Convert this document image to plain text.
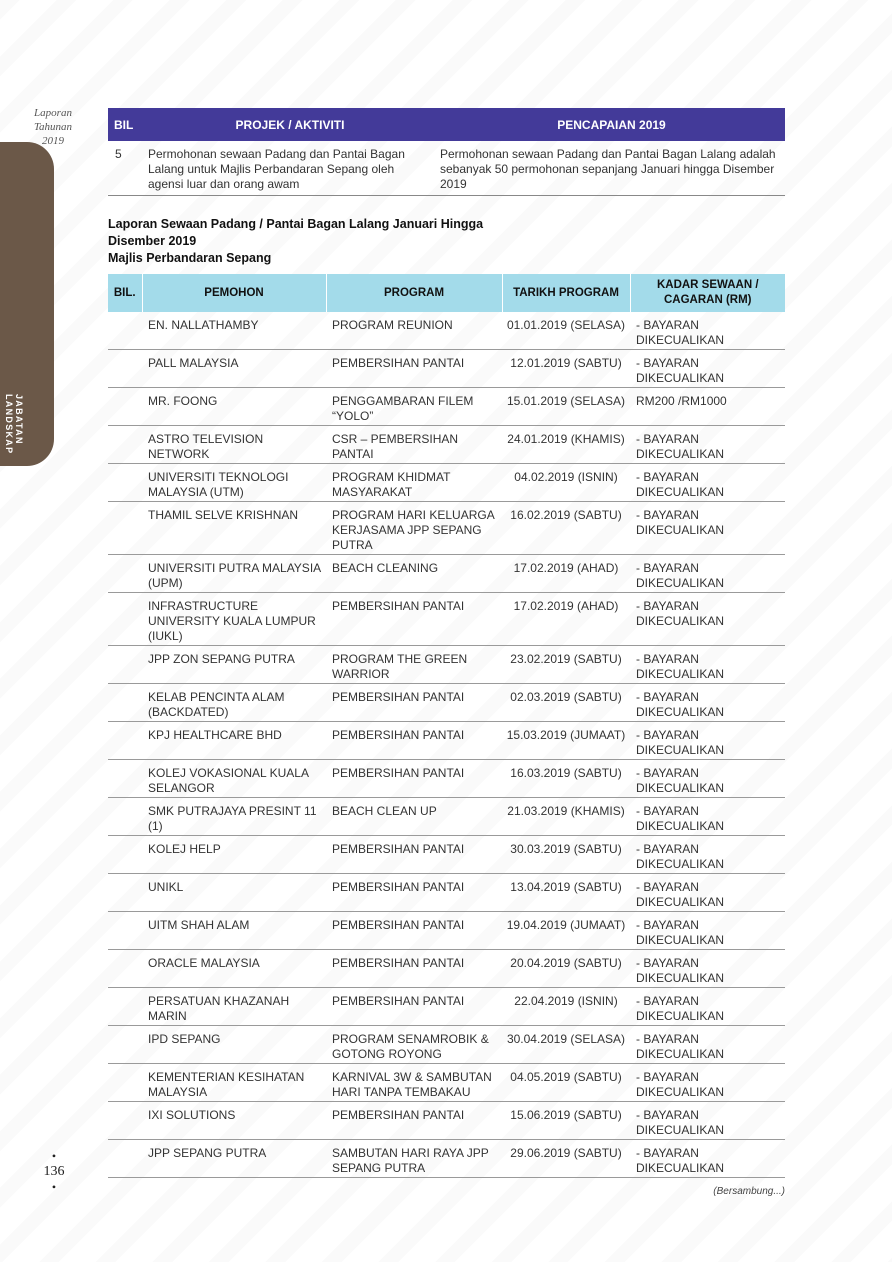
Laporan
Tahunan
2019
JABATAN LANDSKAP
•
136
•
BIL	PROJEK / AKTIVITI	PENCAPAIAN 2019
5	Permohonan sewaan Padang dan Pantai Bagan Lalang untuk Majlis Perbandaran Sepang oleh agensi luar dan orang awam	Permohonan sewaan Padang dan Pantai Bagan Lalang adalah sebanyak 50 permohonan sepanjang Januari hingga Disember 2019
Laporan Sewaan Padang / Pantai Bagan Lalang Januari Hingga
Disember 2019
Majlis Perbandaran Sepang
BIL.	PEMOHON	PROGRAM	TARIKH PROGRAM	KADAR SEWAAN / CAGARAN (RM)
	EN. NALLATHAMBY	PROGRAM REUNION	01.01.2019 (SELASA)	- BAYARAN DIKECUALIKAN
	PALL MALAYSIA	PEMBERSIHAN PANTAI	12.01.2019 (SABTU)	- BAYARAN DIKECUALIKAN
	MR. FOONG	PENGGAMBARAN FILEM “YOLO”	15.01.2019 (SELASA)	RM200 /RM1000
	ASTRO TELEVISION NETWORK	CSR – PEMBERSIHAN PANTAI	24.01.2019 (KHAMIS)	- BAYARAN DIKECUALIKAN
	UNIVERSITI TEKNOLOGI MALAYSIA (UTM)	PROGRAM KHIDMAT MASYARAKAT	04.02.2019 (ISNIN)	- BAYARAN DIKECUALIKAN
	THAMIL SELVE KRISHNAN	PROGRAM HARI KELUARGA KERJASAMA JPP SEPANG PUTRA	16.02.2019 (SABTU)	- BAYARAN DIKECUALIKAN
	UNIVERSITI PUTRA MALAYSIA (UPM)	BEACH CLEANING	17.02.2019 (AHAD)	- BAYARAN DIKECUALIKAN
	INFRASTRUCTURE UNIVERSITY KUALA LUMPUR (IUKL)	PEMBERSIHAN PANTAI	17.02.2019 (AHAD)	- BAYARAN DIKECUALIKAN
	JPP ZON SEPANG PUTRA	PROGRAM THE GREEN WARRIOR	23.02.2019 (SABTU)	- BAYARAN DIKECUALIKAN
	KELAB PENCINTA ALAM (BACKDATED)	PEMBERSIHAN PANTAI	02.03.2019 (SABTU)	- BAYARAN DIKECUALIKAN
	KPJ HEALTHCARE BHD	PEMBERSIHAN PANTAI	15.03.2019 (JUMAAT)	- BAYARAN DIKECUALIKAN
	KOLEJ VOKASIONAL KUALA SELANGOR	PEMBERSIHAN PANTAI	16.03.2019 (SABTU)	- BAYARAN DIKECUALIKAN
	SMK PUTRAJAYA PRESINT 11 (1)	BEACH CLEAN UP	21.03.2019 (KHAMIS)	- BAYARAN DIKECUALIKAN
	KOLEJ HELP	PEMBERSIHAN PANTAI	30.03.2019 (SABTU)	- BAYARAN DIKECUALIKAN
	UNIKL	PEMBERSIHAN PANTAI	13.04.2019 (SABTU)	- BAYARAN DIKECUALIKAN
	UITM SHAH ALAM	PEMBERSIHAN PANTAI	19.04.2019 (JUMAAT)	- BAYARAN DIKECUALIKAN
	ORACLE MALAYSIA	PEMBERSIHAN PANTAI	20.04.2019 (SABTU)	- BAYARAN DIKECUALIKAN
	PERSATUAN KHAZANAH MARIN	PEMBERSIHAN PANTAI	22.04.2019 (ISNIN)	- BAYARAN DIKECUALIKAN
	IPD SEPANG	PROGRAM SENAMROBIK & GOTONG ROYONG	30.04.2019 (SELASA)	- BAYARAN DIKECUALIKAN
	KEMENTERIAN KESIHATAN MALAYSIA	KARNIVAL 3W & SAMBUTAN HARI TANPA TEMBAKAU	04.05.2019 (SABTU)	- BAYARAN DIKECUALIKAN
	IXI SOLUTIONS	PEMBERSIHAN PANTAI	15.06.2019 (SABTU)	- BAYARAN DIKECUALIKAN
	JPP SEPANG PUTRA	SAMBUTAN HARI RAYA JPP SEPANG PUTRA	29.06.2019 (SABTU)	- BAYARAN DIKECUALIKAN
(Bersambung...)
